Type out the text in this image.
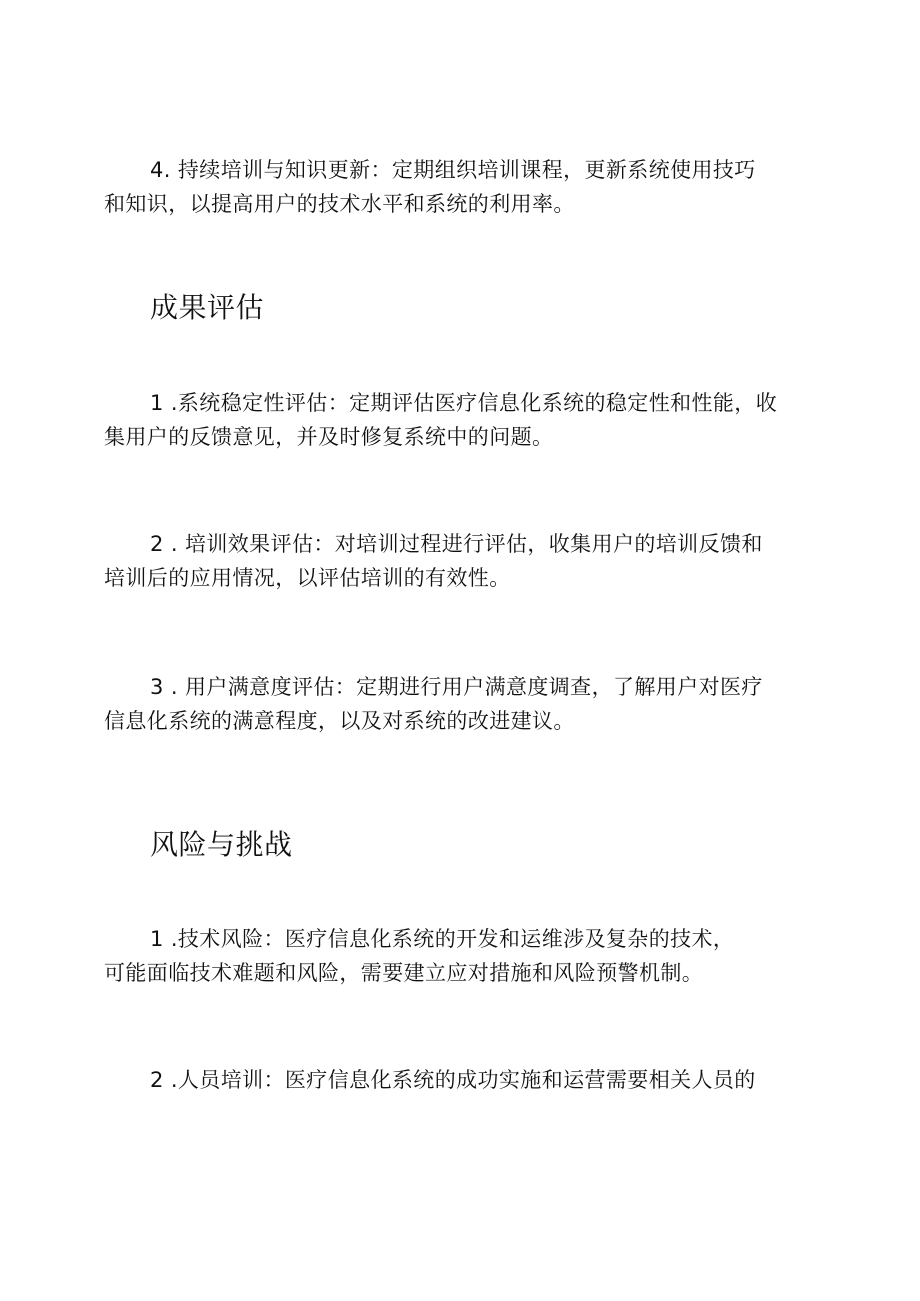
4. 持续培训与知识更新：定期组织培训课程，更新系统使用技巧
和知识，以提高用户的技术水平和系统的利用率。

成果评估

1 .系统稳定性评估：定期评估医疗信息化系统的稳定性和性能，收
集用户的反馈意见，并及时修复系统中的问题。

2 . 培训效果评估：对培训过程进行评估，收集用户的培训反馈和
培训后的应用情况，以评估培训的有效性。

3 . 用户满意度评估：定期进行用户满意度调查，了解用户对医疗
信息化系统的满意程度，以及对系统的改进建议。

风险与挑战

1 .技术风险：医疗信息化系统的开发和运维涉及复杂的技术，
可能面临技术难题和风险，需要建立应对措施和风险预警机制。

2 .人员培训：医疗信息化系统的成功实施和运营需要相关人员的
